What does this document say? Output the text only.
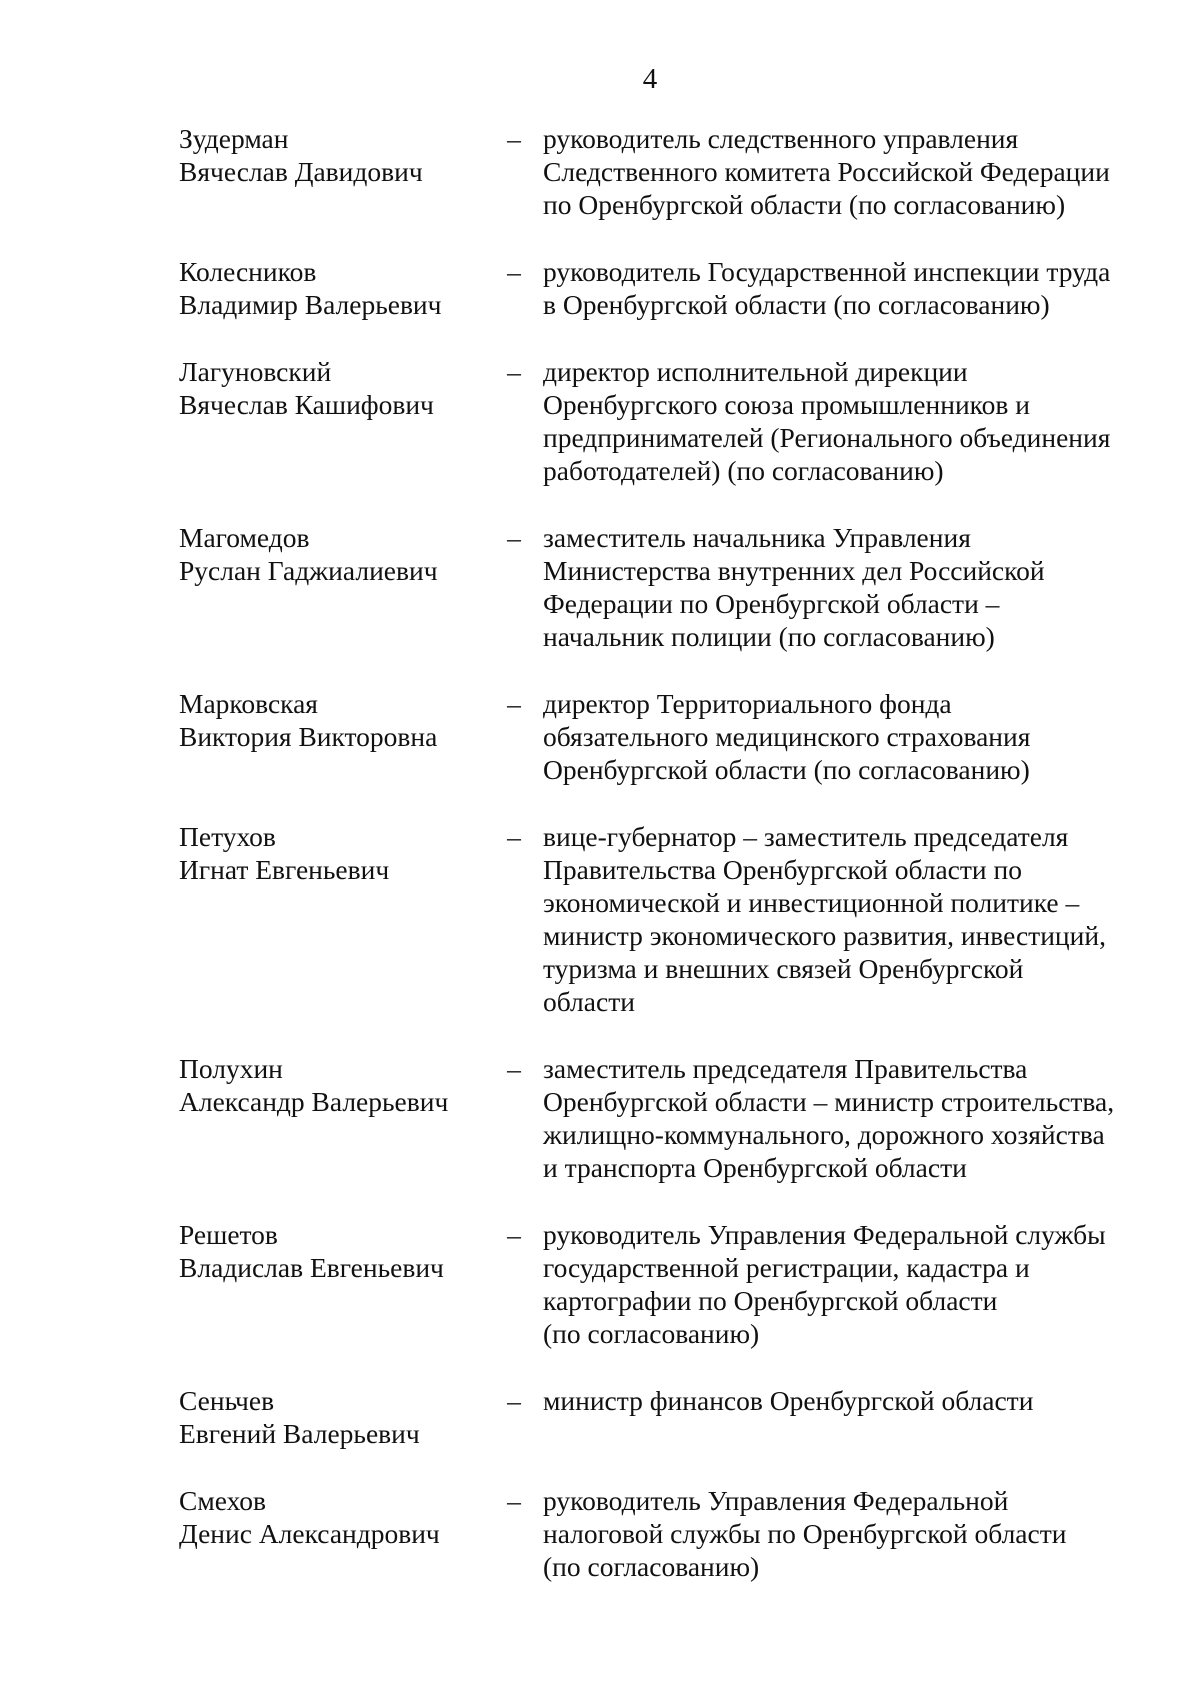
4
Зудерман
Вячеслав Давидович
– руководитель следственного управления
Следственного комитета Российской Федерации
по Оренбургской области (по согласованию)
Колесников
Владимир Валерьевич
– руководитель Государственной инспекции труда
в Оренбургской области (по согласованию)
Лагуновский
Вячеслав Кашифович
– директор исполнительной дирекции
Оренбургского союза промышленников и
предпринимателей (Регионального объединения
работодателей) (по согласованию)
Магомедов
Руслан Гаджиалиевич
– заместитель начальника Управления
Министерства внутренних дел Российской
Федерации по Оренбургской области –
начальник полиции (по согласованию)
Марковская
Виктория Викторовна
– директор Территориального фонда
обязательного медицинского страхования
Оренбургской области (по согласованию)
Петухов
Игнат Евгеньевич
– вице-губернатор – заместитель председателя
Правительства Оренбургской области по
экономической и инвестиционной политике –
министр экономического развития, инвестиций,
туризма и внешних связей Оренбургской
области
Полухин
Александр Валерьевич
– заместитель председателя Правительства
Оренбургской области – министр строительства,
жилищно-коммунального, дорожного хозяйства
и транспорта Оренбургской области
Решетов
Владислав Евгеньевич
– руководитель Управления Федеральной службы
государственной регистрации, кадастра и
картографии по Оренбургской области
(по согласованию)
Сеньчев
Евгений Валерьевич
– министр финансов Оренбургской области
Смехов
Денис Александрович
– руководитель Управления Федеральной
налоговой службы по Оренбургской области
(по согласованию)
